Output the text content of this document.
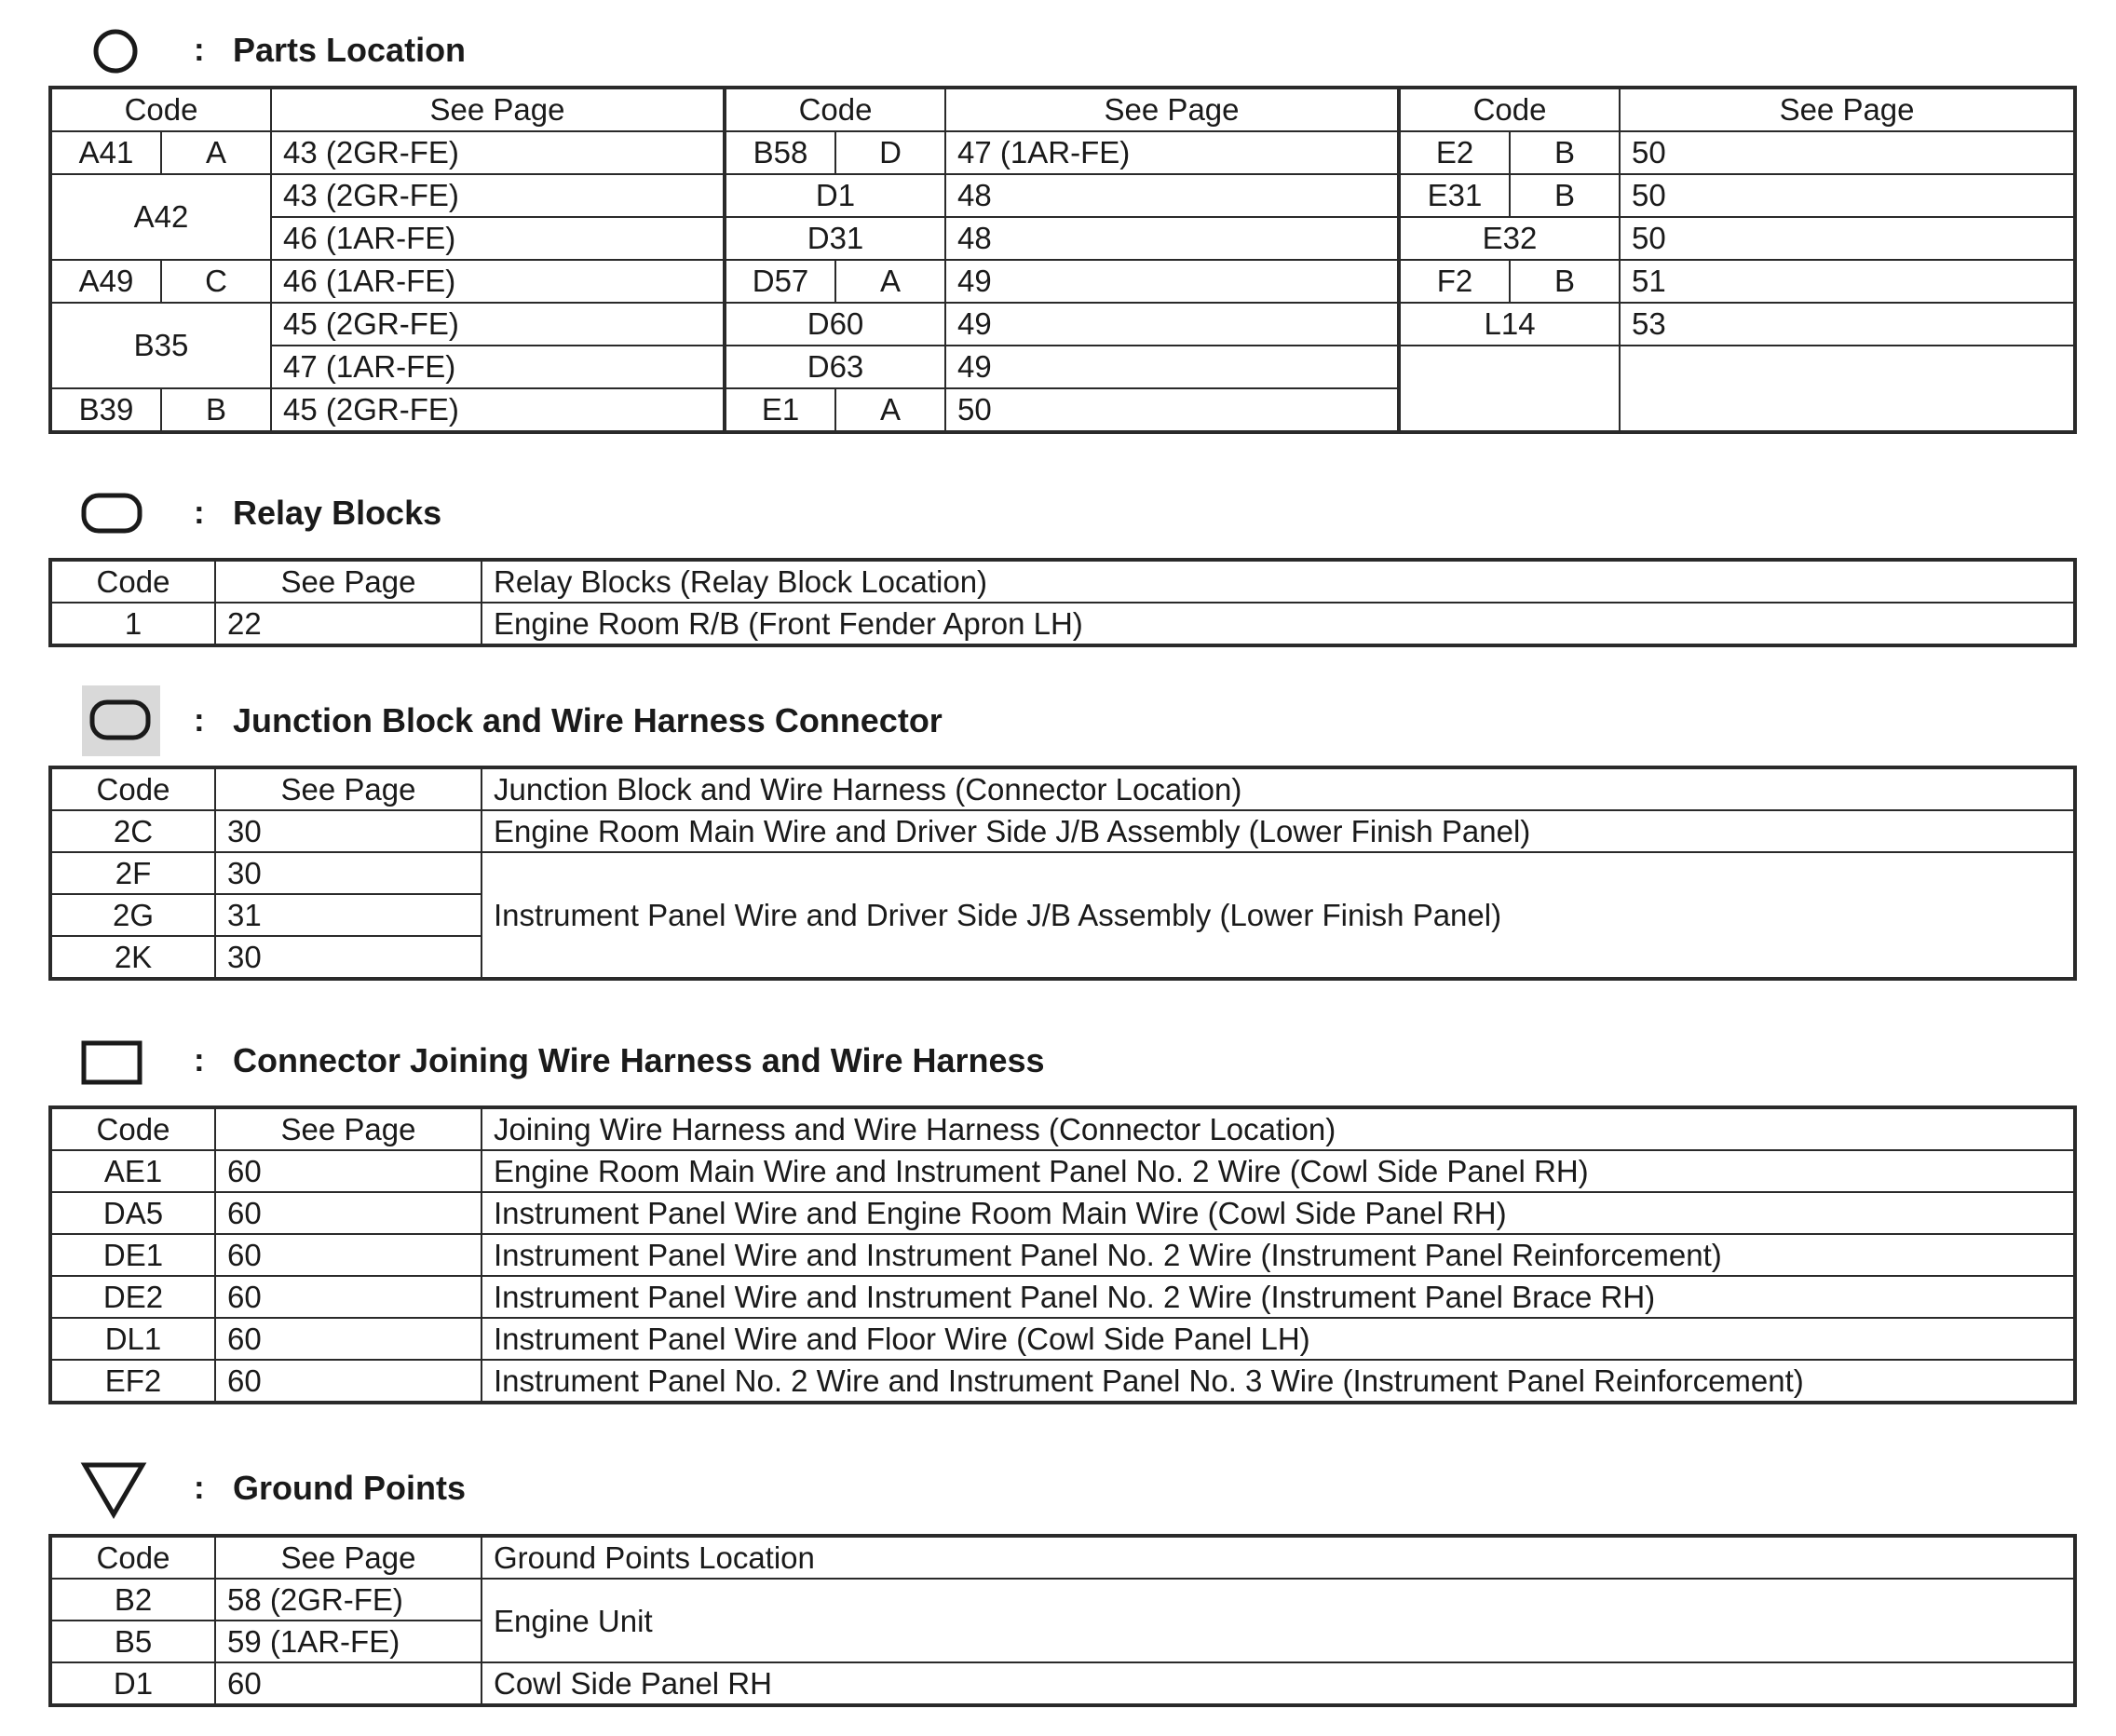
: Parts Location
Code		See Page	Code		See Page	Code		See Page
A41	A	43 (2GR-FE)	B58	D	47 (1AR-FE)	E2	B	50
A42		43 (2GR-FE)	D1		48	E31	B	50
		46 (1AR-FE)	D31		48	E32		50
A49	C	46 (1AR-FE)	D57	A	49	F2	B	51
B35		45 (2GR-FE)	D60		49	L14		53
		47 (1AR-FE)	D63		49			
B39	B	45 (2GR-FE)	E1	A	50			
: Relay Blocks
Code	See Page	Relay Blocks (Relay Block Location)
1	22	Engine Room R/B (Front Fender Apron LH)
: Junction Block and Wire Harness Connector
Code	See Page	Junction Block and Wire Harness (Connector Location)
2C	30	Engine Room Main Wire and Driver Side J/B Assembly (Lower Finish Panel)
2F	30	Instrument Panel Wire and Driver Side J/B Assembly (Lower Finish Panel)
2G	31	
2K	30	
: Connector Joining Wire Harness and Wire Harness
Code	See Page	Joining Wire Harness and Wire Harness (Connector Location)
AE1	60	Engine Room Main Wire and Instrument Panel No. 2 Wire (Cowl Side Panel RH)
DA5	60	Instrument Panel Wire and Engine Room Main Wire (Cowl Side Panel RH)
DE1	60	Instrument Panel Wire and Instrument Panel No. 2 Wire (Instrument Panel Reinforcement)
DE2	60	Instrument Panel Wire and Instrument Panel No. 2 Wire (Instrument Panel Brace RH)
DL1	60	Instrument Panel Wire and Floor Wire (Cowl Side Panel LH)
EF2	60	Instrument Panel No. 2 Wire and Instrument Panel No. 3 Wire (Instrument Panel Reinforcement)
: Ground Points
Code	See Page	Ground Points Location
B2	58 (2GR-FE)	Engine Unit
B5	59 (1AR-FE)	
D1	60	Cowl Side Panel RH
